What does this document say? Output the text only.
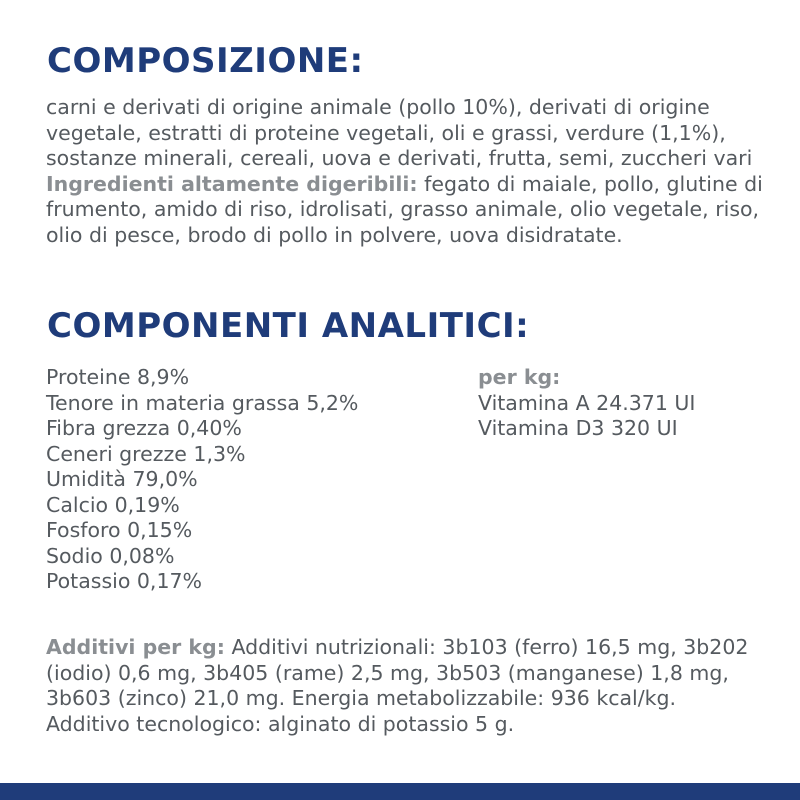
COMPOSIZIONE:
carni e derivati di origine animale (pollo 10%), derivati di origine vegetale, estratti di proteine vegetali, oli e grassi, verdure (1,1%), sostanze minerali, cereali, uova e derivati, frutta, semi, zuccheri vari
Ingredienti altamente digeribili: fegato di maiale, pollo, glutine di frumento, amido di riso, idrolisati, grasso animale, olio vegetale, riso, olio di pesce, brodo di pollo in polvere, uova disidratate.
COMPONENTI ANALITICI:
Proteine 8,9%
Tenore in materia grassa 5,2%
Fibra grezza 0,40%
Ceneri grezze 1,3%
Umidità 79,0%
Calcio 0,19%
Fosforo 0,15%
Sodio 0,08%
Potassio 0,17%
per kg:
Vitamina A 24.371 UI
Vitamina D3 320 UI
Additivi per kg: Additivi nutrizionali: 3b103 (ferro) 16,5 mg, 3b202 (iodio) 0,6 mg, 3b405 (rame) 2,5 mg, 3b503 (manganese) 1,8 mg, 3b603 (zinco) 21,0 mg. Energia metabolizzabile: 936 kcal/kg. Additivo tecnologico: alginato di potassio 5 g.
